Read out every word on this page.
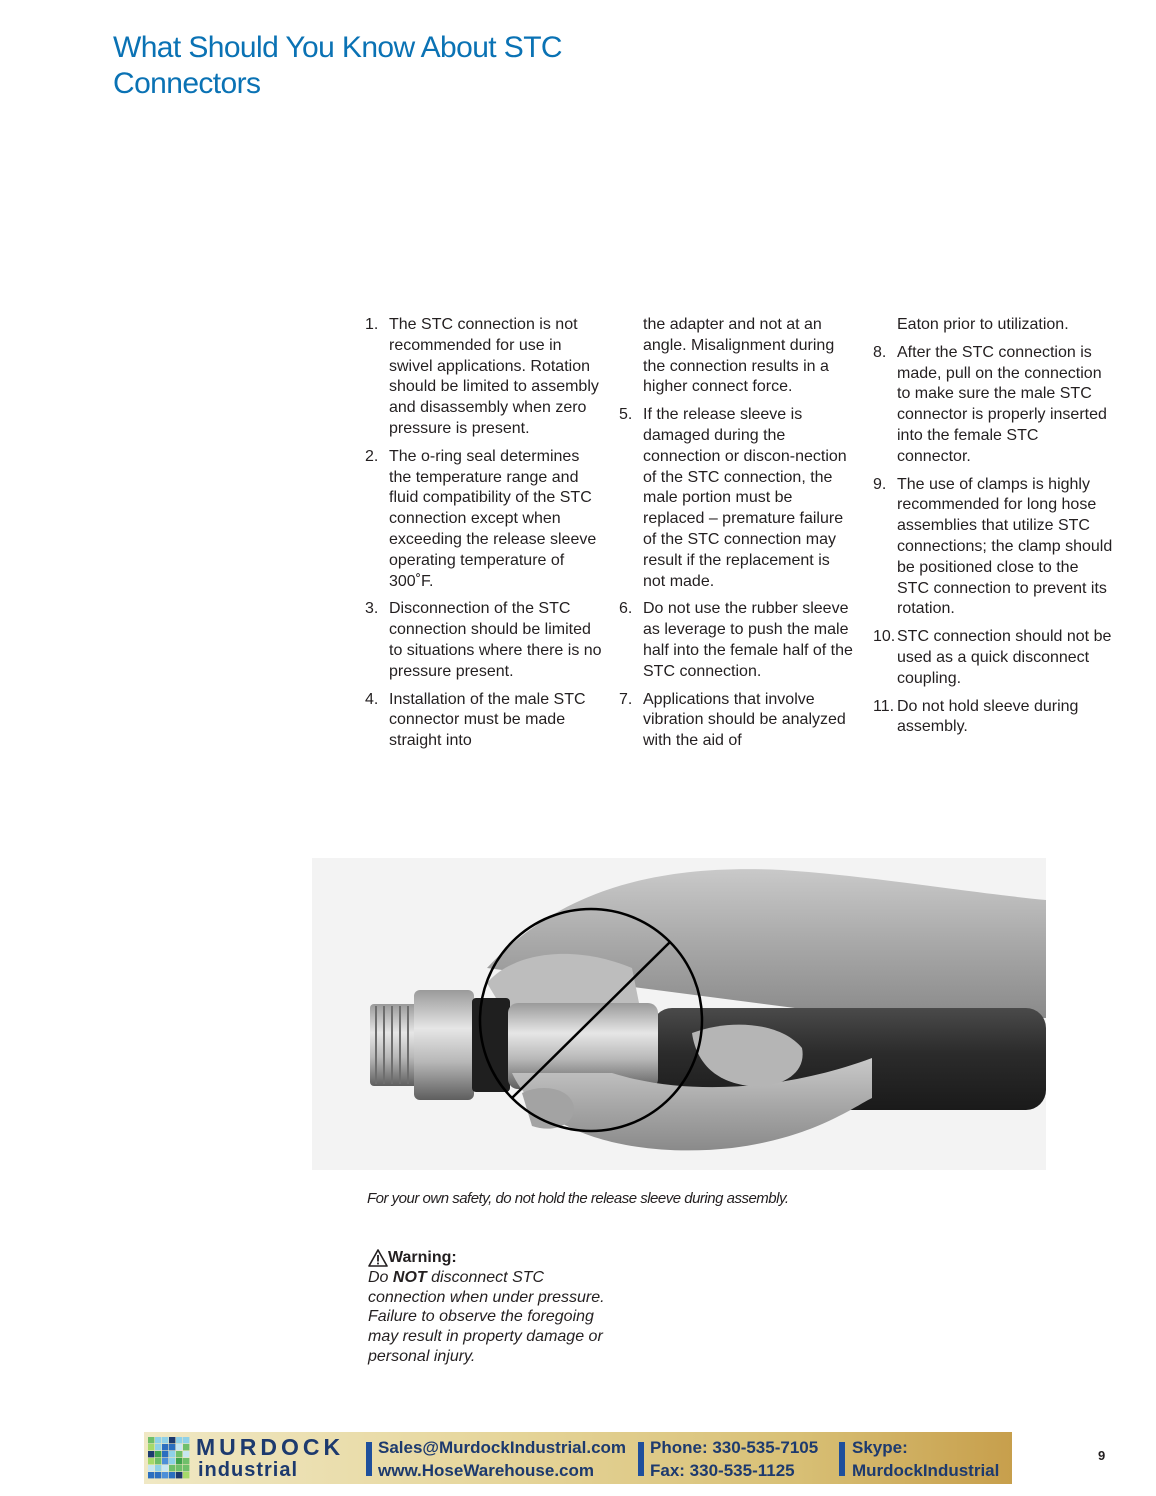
What Should You Know About STC Connectors
1. The STC connection is not recommended for use in swivel applications. Rotation should be limited to assembly and disassembly when zero pressure is present.
2. The o-ring seal determines the temperature range and fluid compatibility of the STC connection except when exceeding the release sleeve operating temperature of 300˚F.
3. Disconnection of the STC connection should be limited to situations where there is no pressure present.
4. Installation of the male STC connector must be made straight into
the adapter and not at an angle. Misalignment during the connection results in a higher connect force.
5. If the release sleeve is damaged during the connection or discon-nection of the STC connection, the male portion must be replaced – premature failure of the STC connection may result if the replacement is not made.
6. Do not use the rubber sleeve as leverage to push the male half into the female half of the STC connection.
7. Applications that involve vibration should be analyzed with the aid of
Eaton prior to utilization.
8. After the STC connection is made, pull on the connection to make sure the male STC connector is properly inserted into the female STC connector.
9. The use of clamps is highly recommended for long hose assemblies that utilize STC connections; the clamp should be positioned close to the STC connection to prevent its rotation.
10. STC connection should not be used as a quick disconnect coupling.
11. Do not hold sleeve during assembly.

For your own safety, do not hold the release sleeve during assembly.

Warning:
Do NOT disconnect STC connection when under pressure. Failure to observe the foregoing may result in property damage or personal injury.
MURDOCK
industrial
Sales@MurdockIndustrial.com
www.HoseWarehouse.com
Phone: 330-535-7105
Fax: 330-535-1125
Skype:
MurdockIndustrial
9
